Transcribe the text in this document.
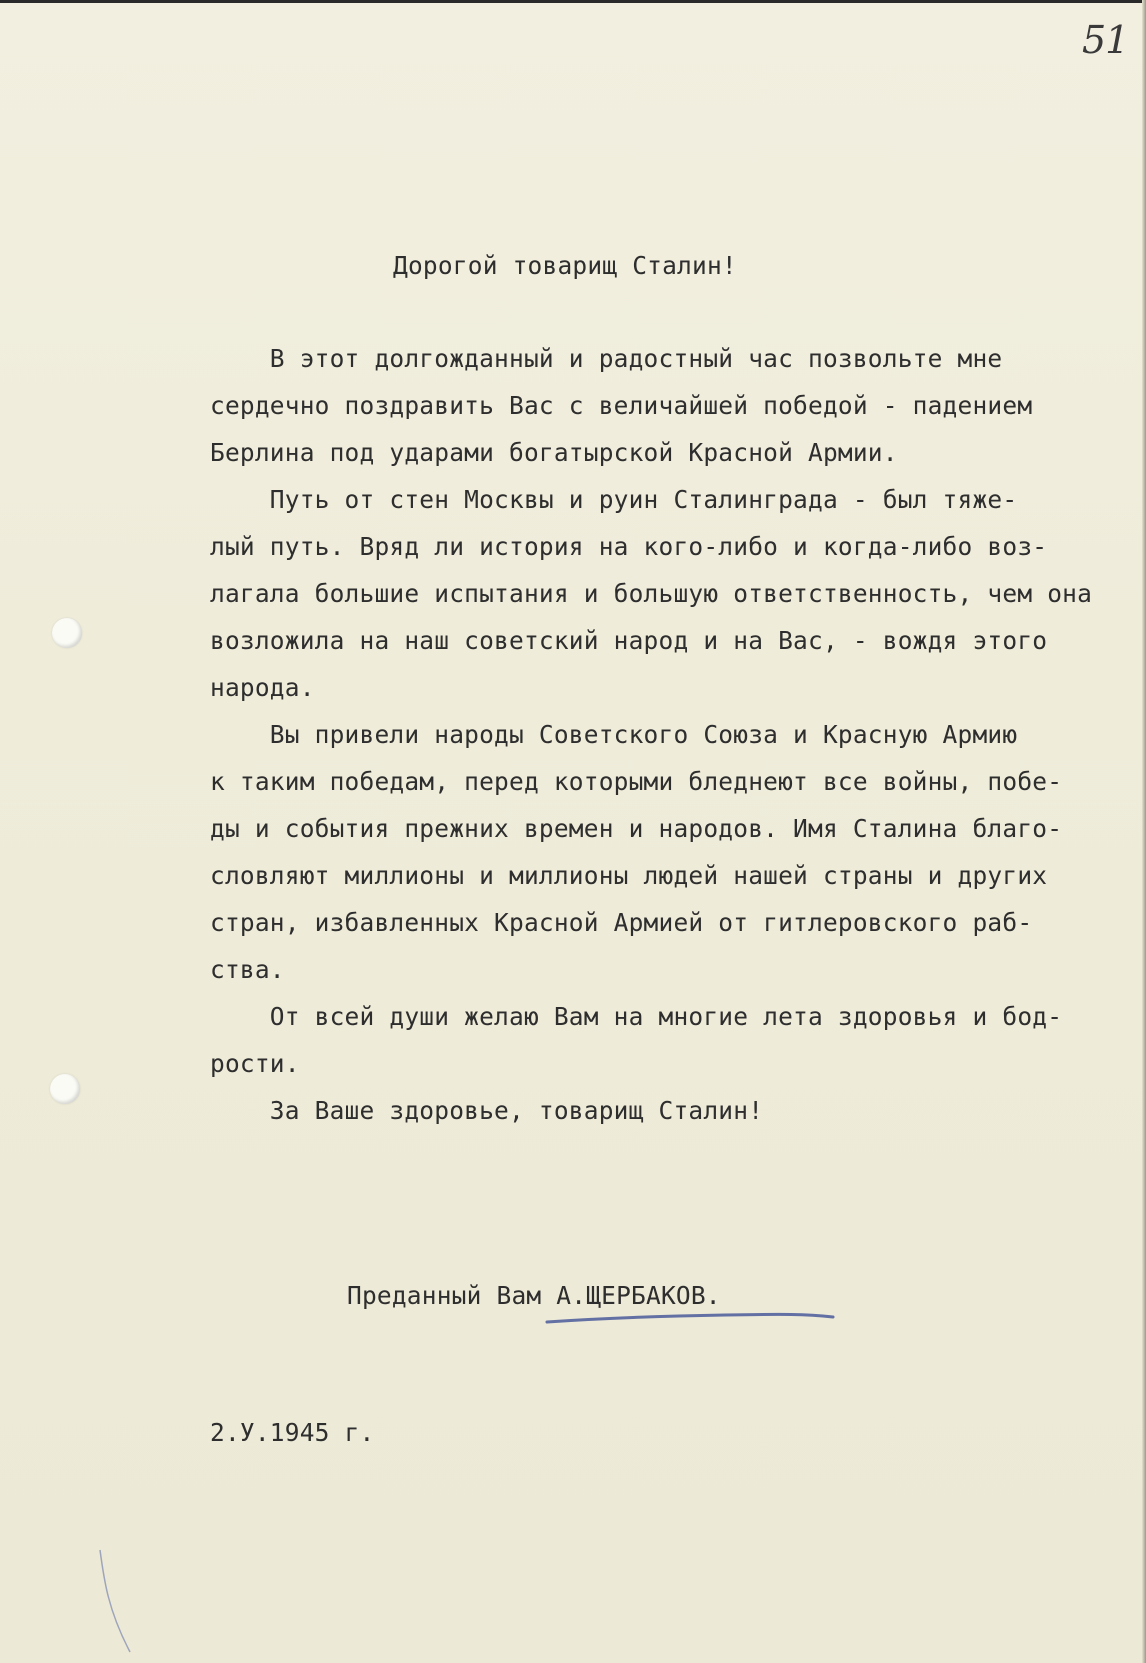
51
Дорогой товарищ Сталин!
В этот долгожданный и радостный час позвольте мне
сердечно поздравить Вас с величайшей победой - падением
Берлина под ударами богатырской Красной Армии.
Путь от стен Москвы и руин Сталинграда - был тяже-
лый путь. Вряд ли история на кого-либо и когда-либо воз-
лагала большие испытания и большую ответственность, чем она
возложила на наш советский народ и на Вас, - вождя этого
народа.
Вы привели народы Советского Союза и Красную Армию
к таким победам, перед которыми бледнеют все войны, побе-
ды и события прежних времен и народов. Имя Сталина благо-
словляют миллионы и миллионы людей нашей страны и других
стран, избавленных Красной Армией от гитлеровского раб-
ства.
От всей души желаю Вам на многие лета здоровья и бод-
рости.
За Ваше здоровье, товарищ Сталин!
Преданный Вам А.ЩЕРБАКОВ.
2.У.1945 г.
